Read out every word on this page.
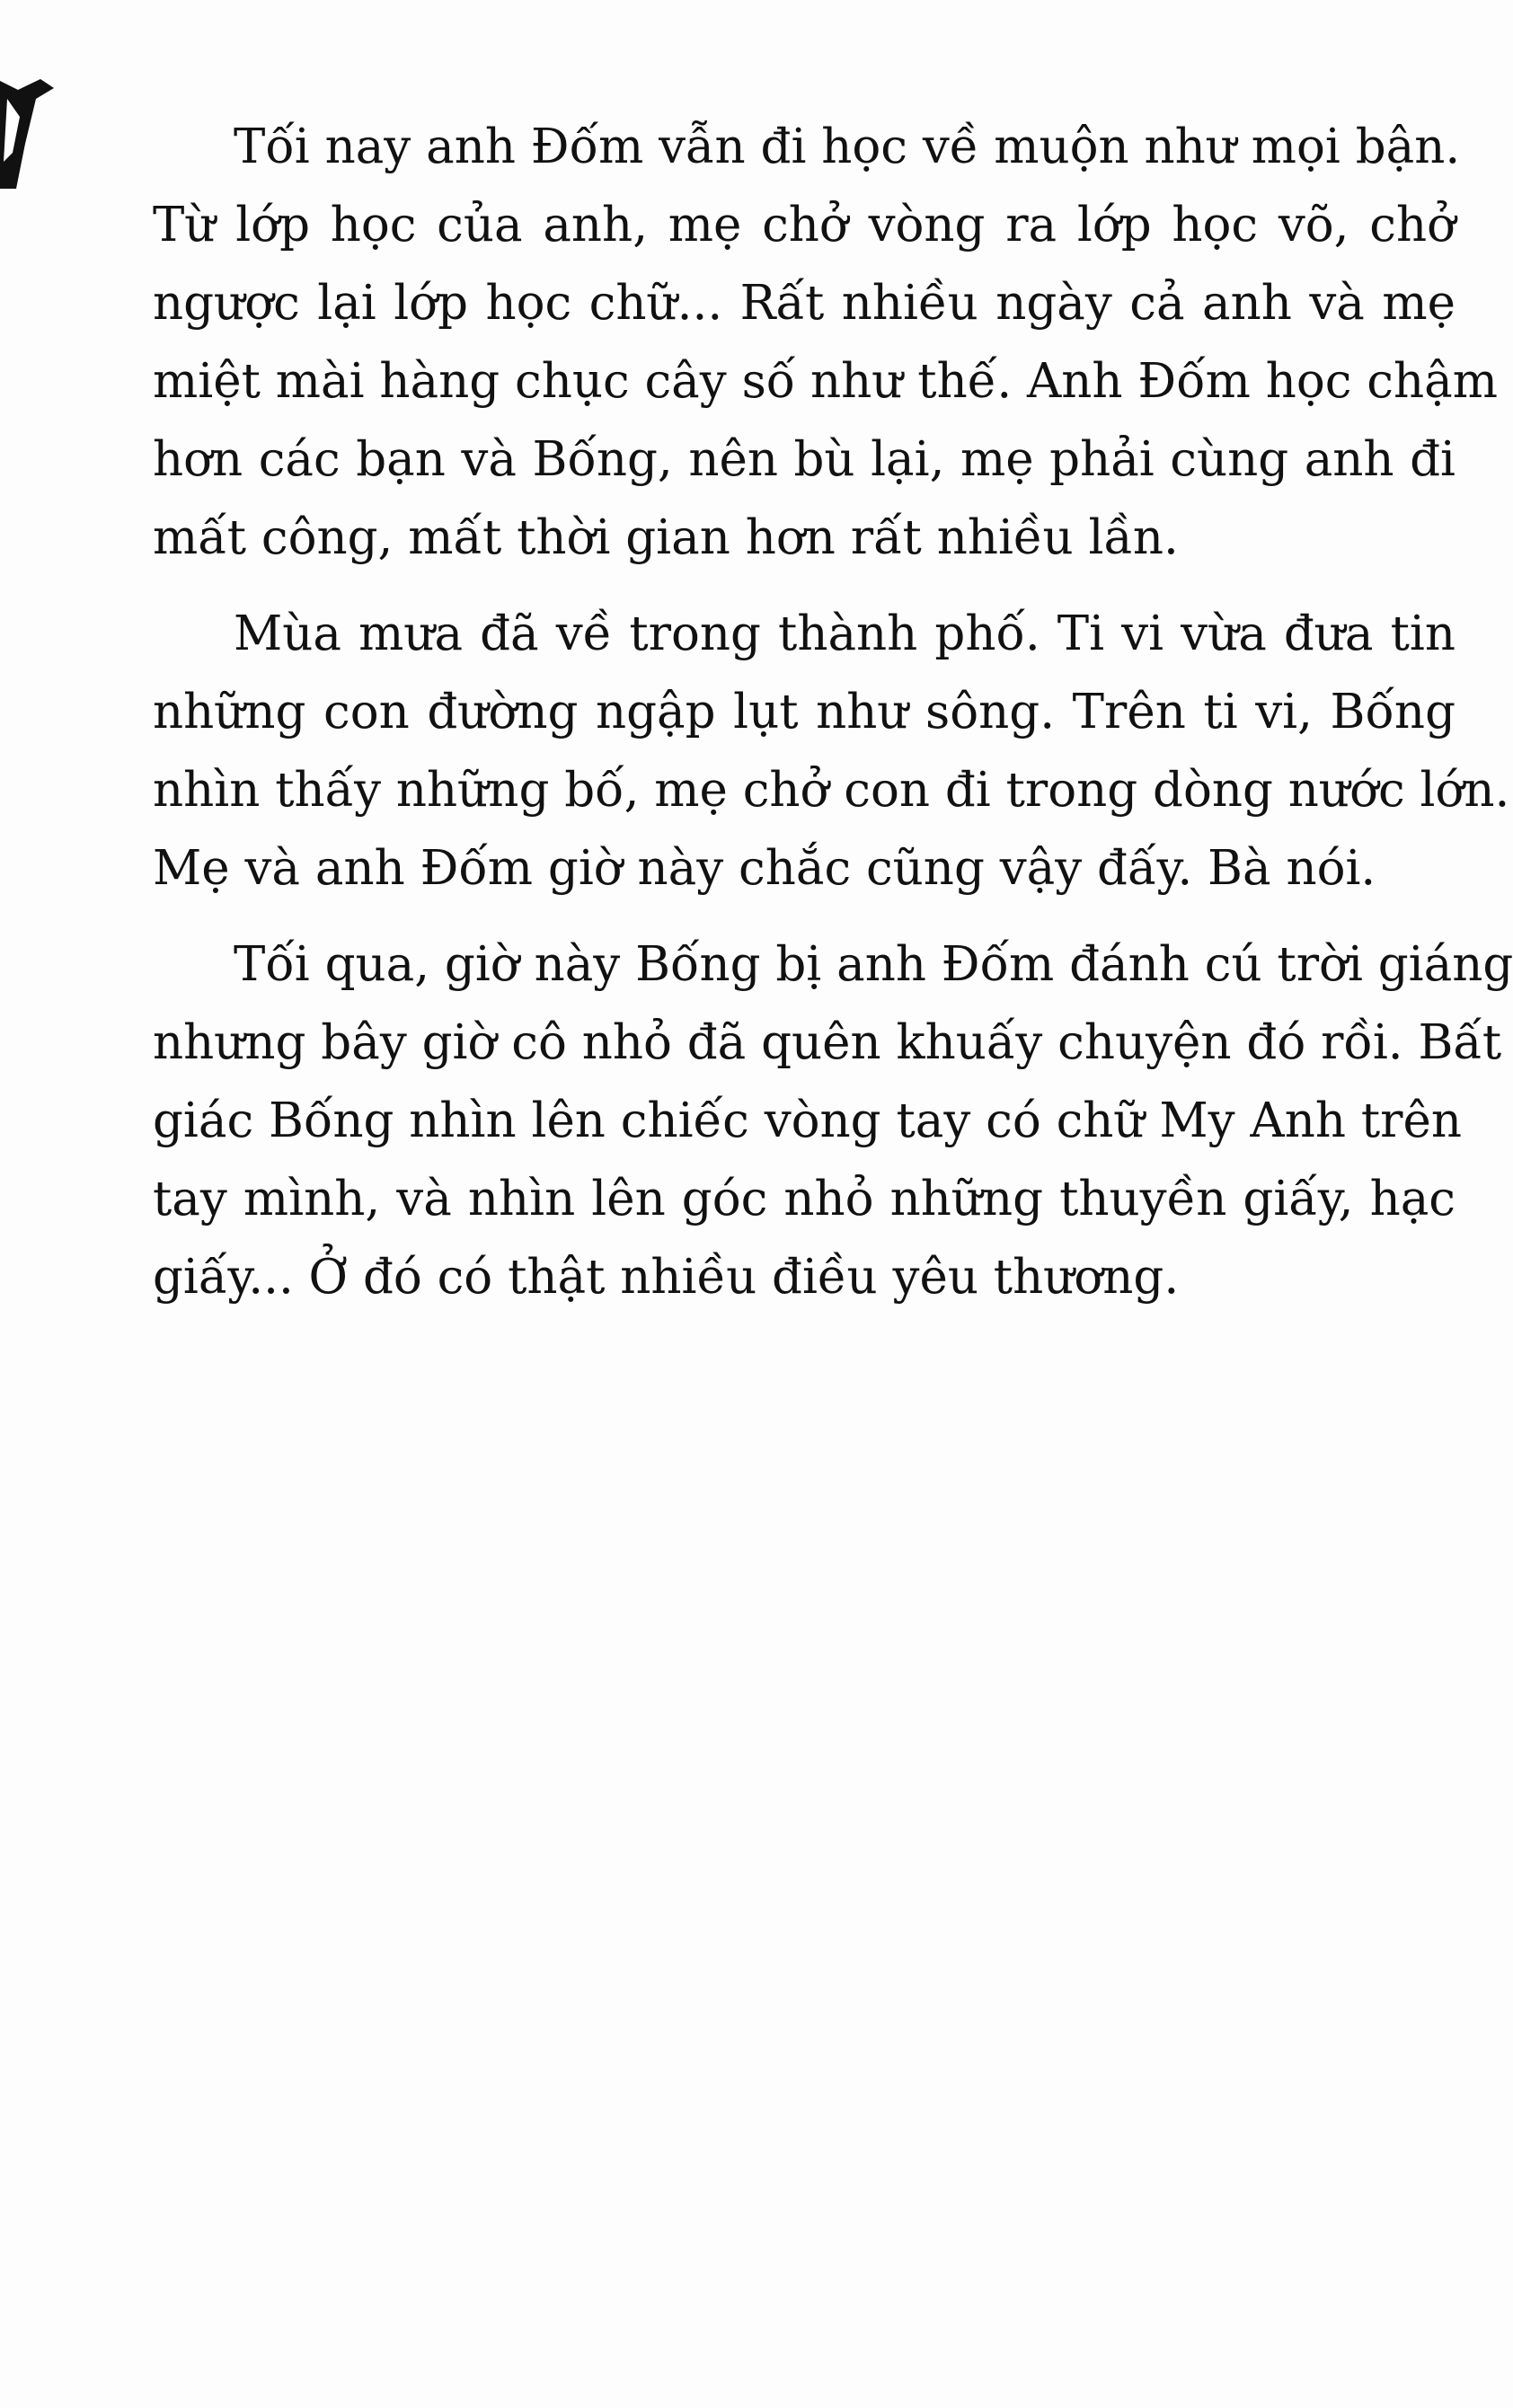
Tối nay anh Đốm vẫn đi học về muộn như mọi bận.
Từ lớp học của anh, mẹ chở vòng ra lớp học võ, chở
ngược lại lớp học chữ... Rất nhiều ngày cả anh và mẹ
miệt mài hàng chục cây số như thế. Anh Đốm học chậm
hơn các bạn và Bống, nên bù lại, mẹ phải cùng anh đi
mất công, mất thời gian hơn rất nhiều lần.
Mùa mưa đã về trong thành phố. Ti vi vừa đưa tin
những con đường ngập lụt như sông. Trên ti vi, Bống
nhìn thấy những bố, mẹ chở con đi trong dòng nước lớn.
Mẹ và anh Đốm giờ này chắc cũng vậy đấy. Bà nói.
Tối qua, giờ này Bống bị anh Đốm đánh cú trời giáng
nhưng bây giờ cô nhỏ đã quên khuấy chuyện đó rồi. Bất
giác Bống nhìn lên chiếc vòng tay có chữ My Anh trên
tay mình, và nhìn lên góc nhỏ những thuyền giấy, hạc
giấy... Ở đó có thật nhiều điều yêu thương.
